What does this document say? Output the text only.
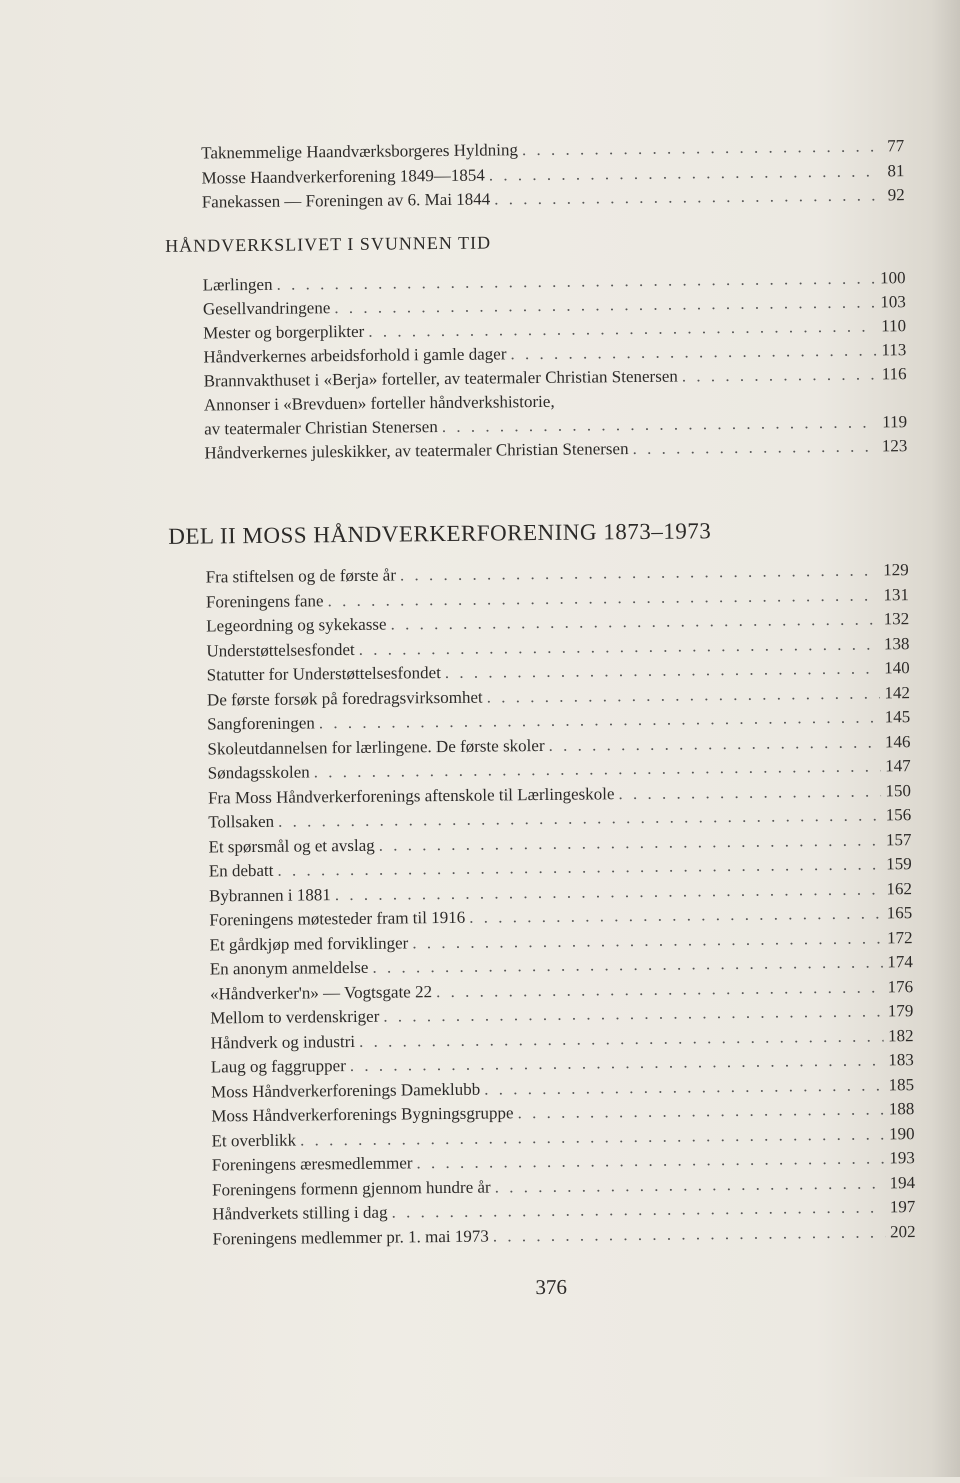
Taknemmelige Haandværksborgeres Hyldning . . .	77
Mosse Haandverkerforening 1849—1854 . . .	81
Fanekassen — Foreningen av 6. Mai 1844 . . .	92
HÅNDVERKSLIVET I SVUNNEN TID
Lærlingen . . .	100
Gesellvandringene . . .	103
Mester og borgerplikter . . .	110
Håndverkernes arbeidsforhold i gamle dager . . .	113
Brannvakthuset i «Berja» forteller, av teatermaler Christian Stenersen . . .	116
Annonser i «Brevduen» forteller håndverkshistorie,
av teatermaler Christian Stenersen . . .	119
Håndverkernes juleskikker, av teatermaler Christian Stenersen . . .	123
DEL II MOSS HÅNDVERKERFORENING 1873–1973
Fra stiftelsen og de første år . . .	129
Foreningens fane . . .	131
Legeordning og sykekasse . . .	132
Understøttelsesfondet . . .	138
Statutter for Understøttelsesfondet . . .	140
De første forsøk på foredragsvirksomhet . . .	142
Sangforeningen . . .	145
Skoleutdannelsen for lærlingene. De første skoler . . .	146
Søndagsskolen . . .	147
Fra Moss Håndverkerforenings aftenskole til Lærlingeskole . . .	150
Tollsaken . . .	156
Et spørsmål og et avslag . . .	157
En debatt . . .	159
Bybrannen i 1881 . . .	162
Foreningens møtesteder fram til 1916 . . .	165
Et gårdkjøp med forviklinger . . .	172
En anonym anmeldelse . . .	174
«Håndverker'n» — Vogtsgate 22 . . .	176
Mellom to verdenskriger . . .	179
Håndverk og industri . . .	182
Laug og faggrupper . . .	183
Moss Håndverkerforenings Dameklubb . . .	185
Moss Håndverkerforenings Bygningsgruppe . . .	188
Et overblikk . . .	190
Foreningens æresmedlemmer . . .	193
Foreningens formenn gjennom hundre år . . .	194
Håndverkets stilling i dag . . .	197
Foreningens medlemmer pr. 1. mai 1973 . . .	202
376
